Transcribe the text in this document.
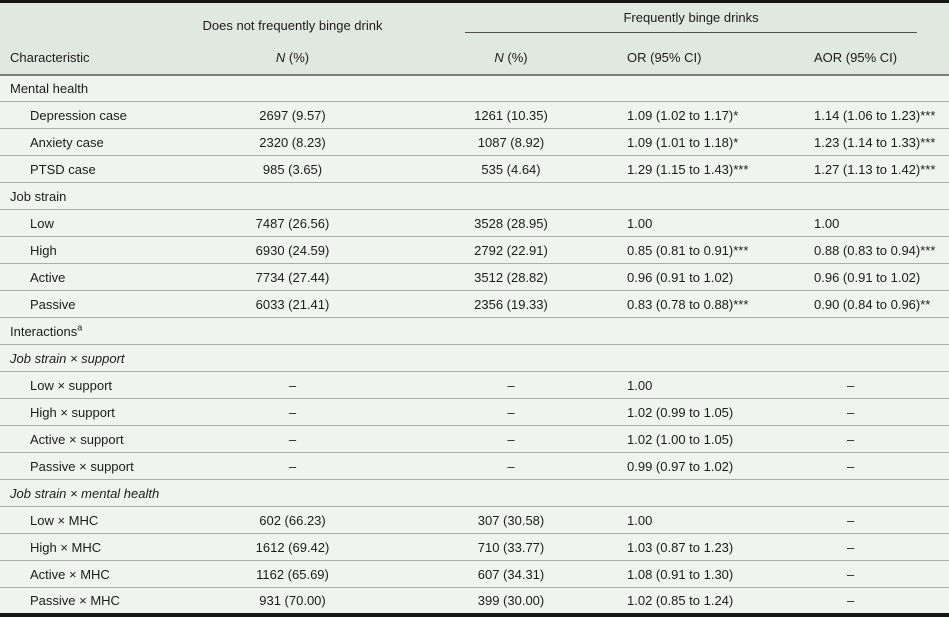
	Does not frequently binge drink	Frequently binge drinks		

Characteristic	N (%)	N (%)	OR (95% CI)	AOR (95% CI)
Mental health				
Depression case	2697 (9.57)	1261 (10.35)	1.09 (1.02 to 1.17)*	1.14 (1.06 to 1.23)***
Anxiety case	2320 (8.23)	1087 (8.92)	1.09 (1.01 to 1.18)*	1.23 (1.14 to 1.33)***
PTSD case	985 (3.65)	535 (4.64)	1.29 (1.15 to 1.43)***	1.27 (1.13 to 1.42)***
Job strain				
Low	7487 (26.56)	3528 (28.95)	1.00	1.00
High	6930 (24.59)	2792 (22.91)	0.85 (0.81 to 0.91)***	0.88 (0.83 to 0.94)***
Active	7734 (27.44)	3512 (28.82)	0.96 (0.91 to 1.02)	0.96 (0.91 to 1.02)
Passive	6033 (21.41)	2356 (19.33)	0.83 (0.78 to 0.88)***	0.90 (0.84 to 0.96)**
Interactions$^a$
Job strain × support				
Low × support	–	–	1.00	–
High × support	–	–	1.02 (0.99 to 1.05)	–
Active × support	–	–	1.02 (1.00 to 1.05)	–
Passive × support	–	–	0.99 (0.97 to 1.02)	–
Job strain × mental health				
Low × MHC	602 (66.23)	307 (30.58)	1.00	–
High × MHC	1612 (69.42)	710 (33.77)	1.03 (0.87 to 1.23)	–
Active × MHC	1162 (65.69)	607 (34.31)	1.08 (0.91 to 1.30)	–
Passive × MHC	931 (70.00)	399 (30.00)	1.02 (0.85 to 1.24)	–
